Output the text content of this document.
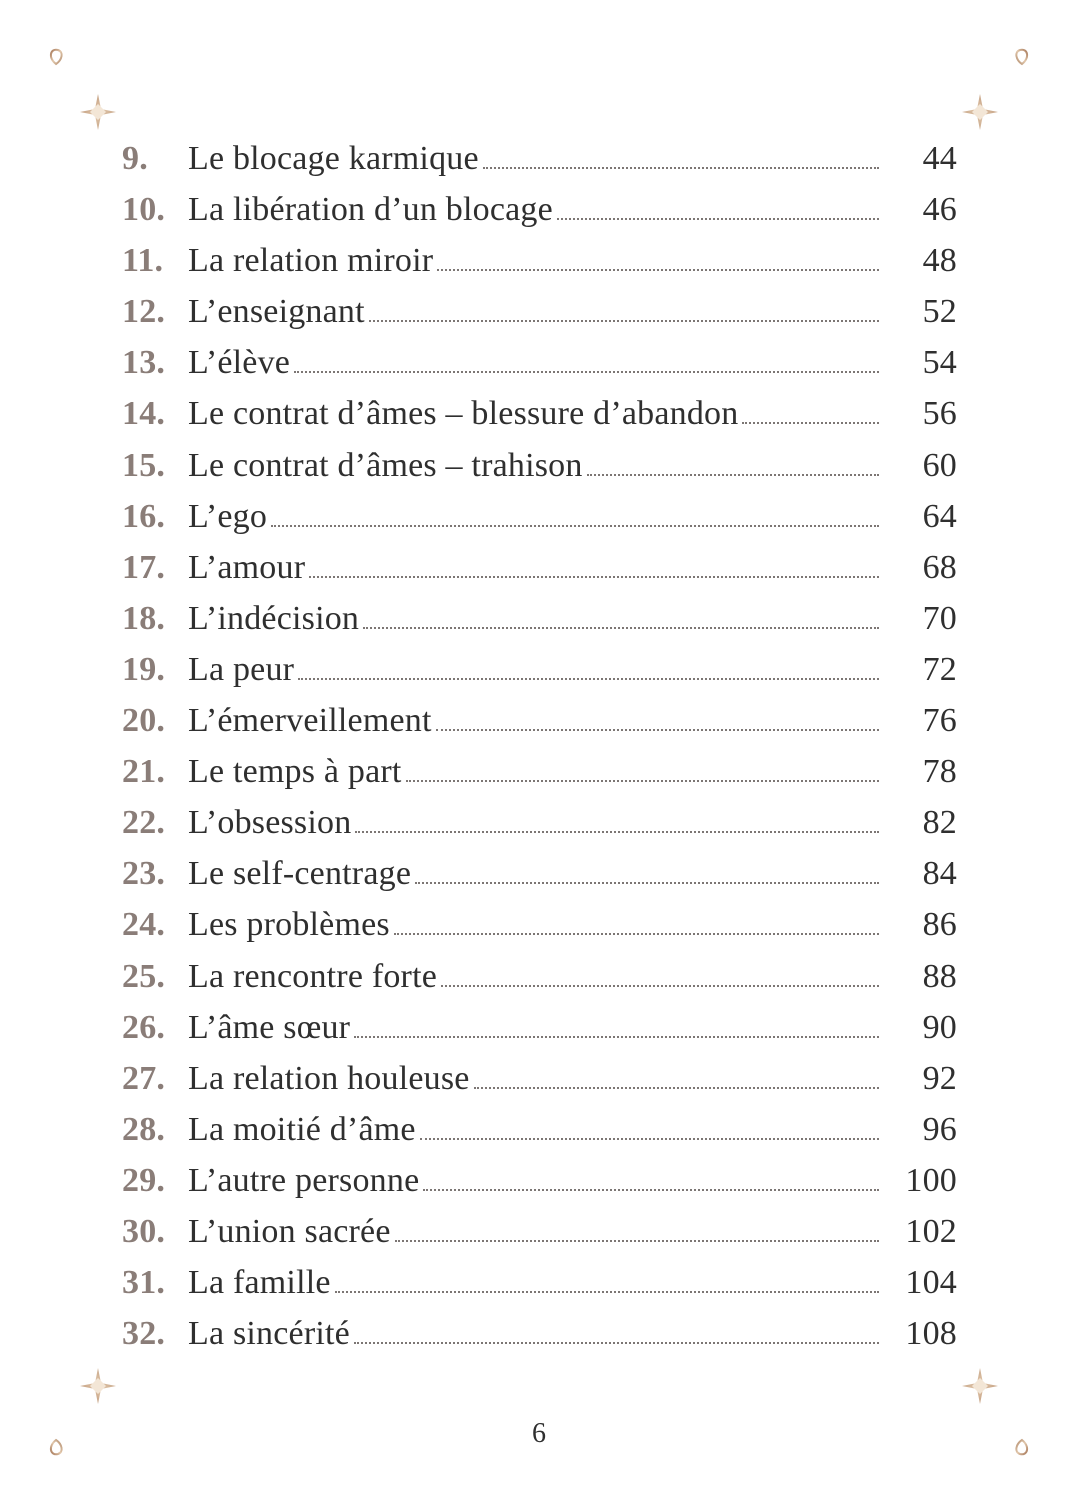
9.	Le blocage karmique	44
10. La libération d’un blocage	46
11. La relation miroir	48
12. L’enseignant	52
13. L’élève	54
14. Le contrat d’âmes – blessure d’abandon	56
15. Le contrat d’âmes – trahison	60
16. L’ego	64
17. L’amour	68
18. L’indécision	70
19. La peur	72
20. L’émerveillement	76
21. Le temps à part	78
22. L’obsession	82
23. Le self-centrage	84
24. Les problèmes	86
25. La rencontre forte	88
26. L’âme sœur	90
27. La relation houleuse	92
28. La moitié d’âme	96
29. L’autre personne	100
30. L’union sacrée	102
31. La famille	104
32. La sincérité	108
6
